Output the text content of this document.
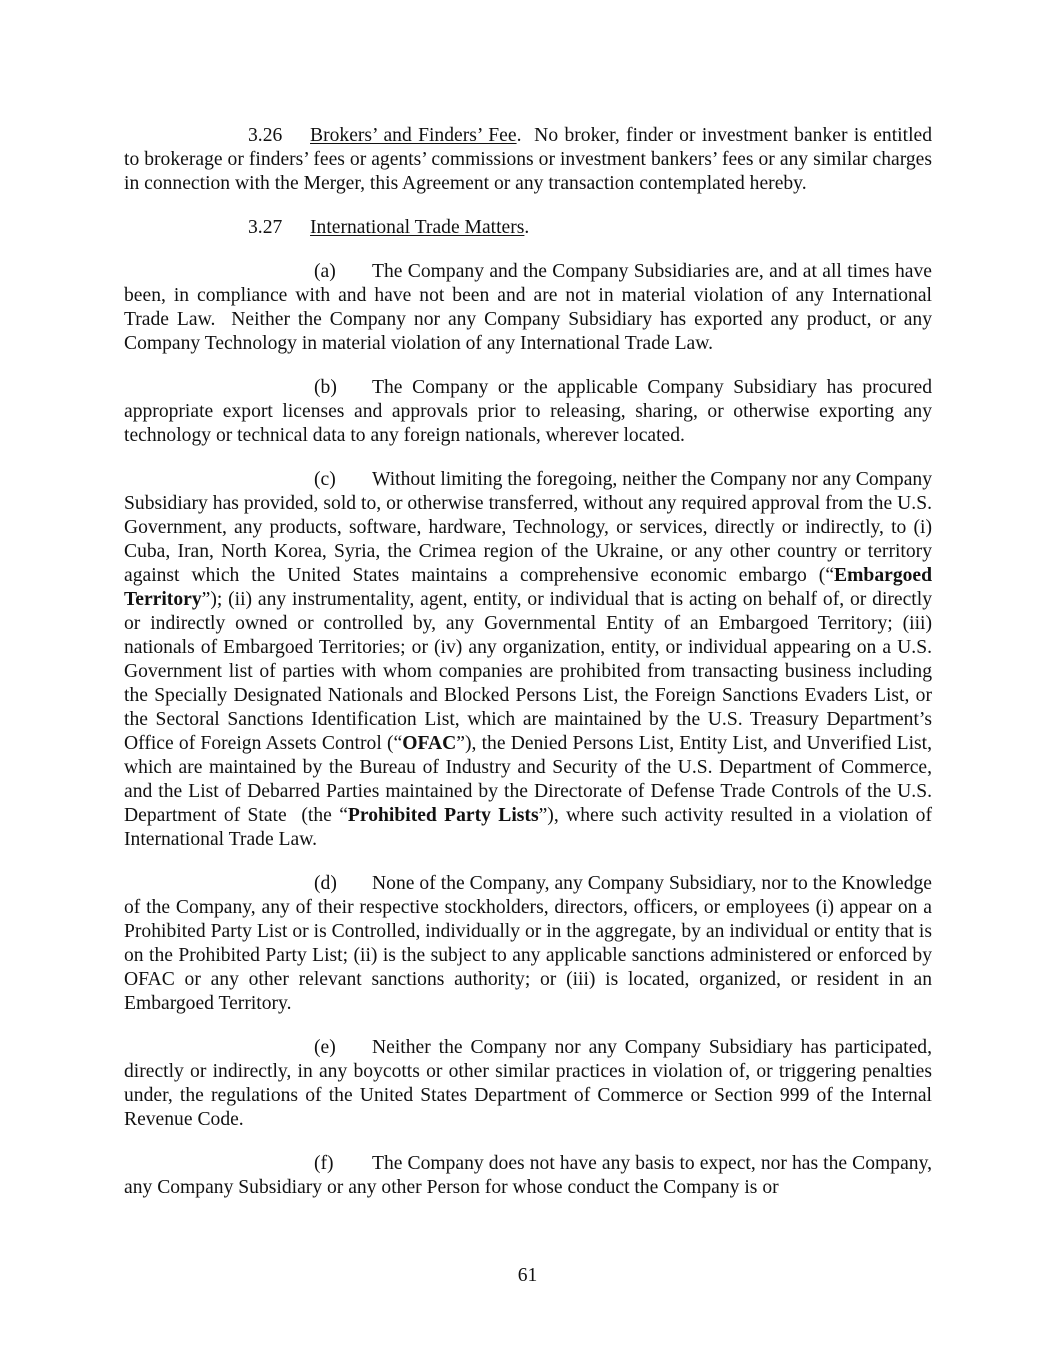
3.26 Brokers’ and Finders’ Fee.  No broker, finder or investment banker is entitled to brokerage or finders’ fees or agents’ commissions or investment bankers’ fees or any similar charges in connection with the Merger, this Agreement or any transaction contemplated hereby.

3.27 International Trade Matters.

(a) The Company and the Company Subsidiaries are, and at all times have been, in compliance with and have not been and are not in material violation of any International Trade Law.  Neither the Company nor any Company Subsidiary has exported any product, or any Company Technology in material violation of any International Trade Law.

(b) The Company or the applicable Company Subsidiary has procured appropriate export licenses and approvals prior to releasing, sharing, or otherwise exporting any technology or technical data to any foreign nationals, wherever located.

(c) Without limiting the foregoing, neither the Company nor any Company Subsidiary has provided, sold to, or otherwise transferred, without any required approval from the U.S. Government, any products, software, hardware, Technology, or services, directly or indirectly, to (i) Cuba, Iran, North Korea, Syria, the Crimea region of the Ukraine, or any other country or territory against which the United States maintains a comprehensive economic embargo (“Embargoed Territory”); (ii) any instrumentality, agent, entity, or individual that is acting on behalf of, or directly or indirectly owned or controlled by, any Governmental Entity of an Embargoed Territory; (iii) nationals of Embargoed Territories; or (iv) any organization, entity, or individual appearing on a U.S. Government list of parties with whom companies are prohibited from transacting business including the Specially Designated Nationals and Blocked Persons List, the Foreign Sanctions Evaders List, or the Sectoral Sanctions Identification List, which are maintained by the U.S. Treasury Department’s Office of Foreign Assets Control (“OFAC”), the Denied Persons List, Entity List, and Unverified List, which are maintained by the Bureau of Industry and Security of the U.S. Department of Commerce, and the List of Debarred Parties maintained by the Directorate of Defense Trade Controls of the U.S. Department of State  (the “Prohibited Party Lists”), where such activity resulted in a violation of International Trade Law.

(d) None of the Company, any Company Subsidiary, nor to the Knowledge of the Company, any of their respective stockholders, directors, officers, or employees (i) appear on a Prohibited Party List or is Controlled, individually or in the aggregate, by an individual or entity that is on the Prohibited Party List; (ii) is the subject to any applicable sanctions administered or enforced by OFAC or any other relevant sanctions authority; or (iii) is located, organized, or resident in an Embargoed Territory.

(e) Neither the Company nor any Company Subsidiary has participated, directly or indirectly, in any boycotts or other similar practices in violation of, or triggering penalties under, the regulations of the United States Department of Commerce or Section 999 of the Internal Revenue Code.

(f) The Company does not have any basis to expect, nor has the Company, any Company Subsidiary or any other Person for whose conduct the Company is or

61
